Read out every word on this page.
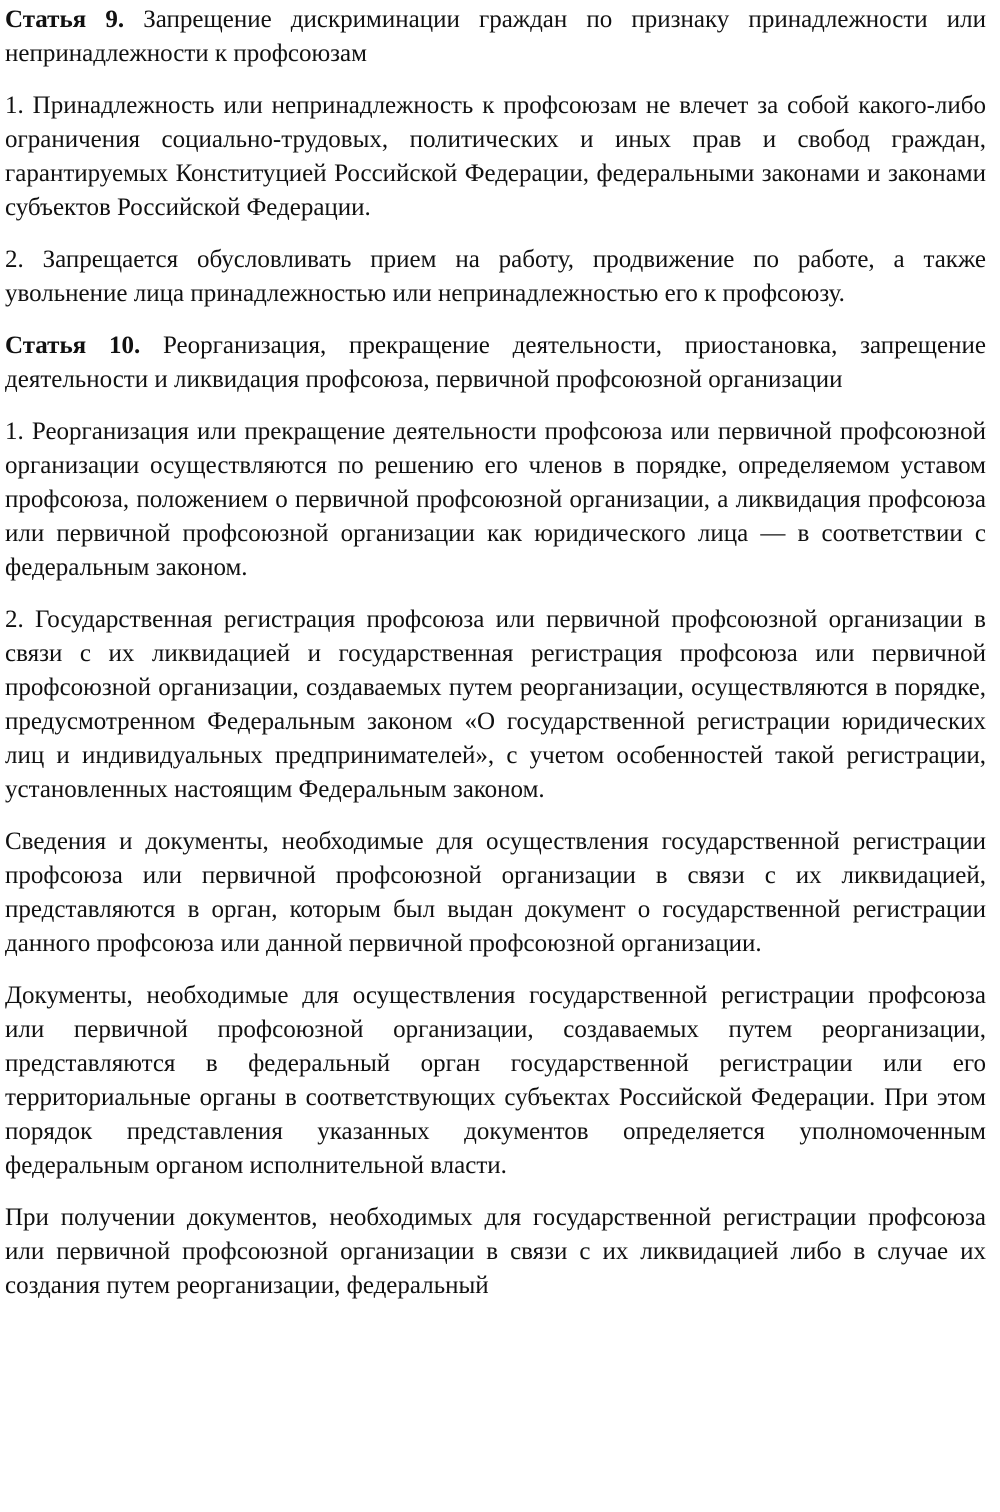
Статья 9. Запрещение дискриминации граждан по признаку принадлежности или непринадлежности к профсоюзам

1. Принадлежность или непринадлежность к профсоюзам не влечет за собой какого-либо ограничения социально-трудовых, политических и иных прав и свобод граждан, гарантируемых Конституцией Российской Федерации, федеральными законами и законами субъектов Российской Федерации.

2. Запрещается обусловливать прием на работу, продвижение по работе, а также увольнение лица принадлежностью или непринадлежностью его к профсоюзу.

Статья 10. Реорганизация, прекращение деятельности, приостановка, запрещение деятельности и ликвидация профсоюза, первичной профсоюзной организации

1. Реорганизация или прекращение деятельности профсоюза или первичной профсоюзной организации осуществляются по решению его членов в порядке, определяемом уставом профсоюза, положением о первичной профсоюзной организации, а ликвидация профсоюза или первичной профсоюзной организации как юридического лица — в соответствии с федеральным законом.

2. Государственная регистрация профсоюза или первичной профсоюзной организации в связи с их ликвидацией и государственная регистрация профсоюза или первичной профсоюзной организации, создаваемых путем реорганизации, осуществляются в порядке, предусмотренном Федеральным законом «О государственной регистрации юридических лиц и индивидуальных предпринимателей», с учетом особенностей такой регистрации, установленных настоящим Федеральным законом.

Сведения и документы, необходимые для осуществления государственной регистрации профсоюза или первичной профсоюзной организации в связи с их ликвидацией, представляются в орган, которым был выдан документ о государственной регистрации данного профсоюза или данной первичной профсоюзной организации.

Документы, необходимые для осуществления государственной регистрации профсоюза или первичной профсоюзной организации, создаваемых путем реорганизации, представляются в федеральный орган государственной регистрации или его территориальные органы в соответствующих субъектах Российской Федерации. При этом порядок представления указанных документов определяется уполномоченным федеральным органом исполнительной власти.

При получении документов, необходимых для государственной регистрации профсоюза или первичной профсоюзной организации в связи с их ликвидацией либо в случае их создания путем реорганизации, федеральный
